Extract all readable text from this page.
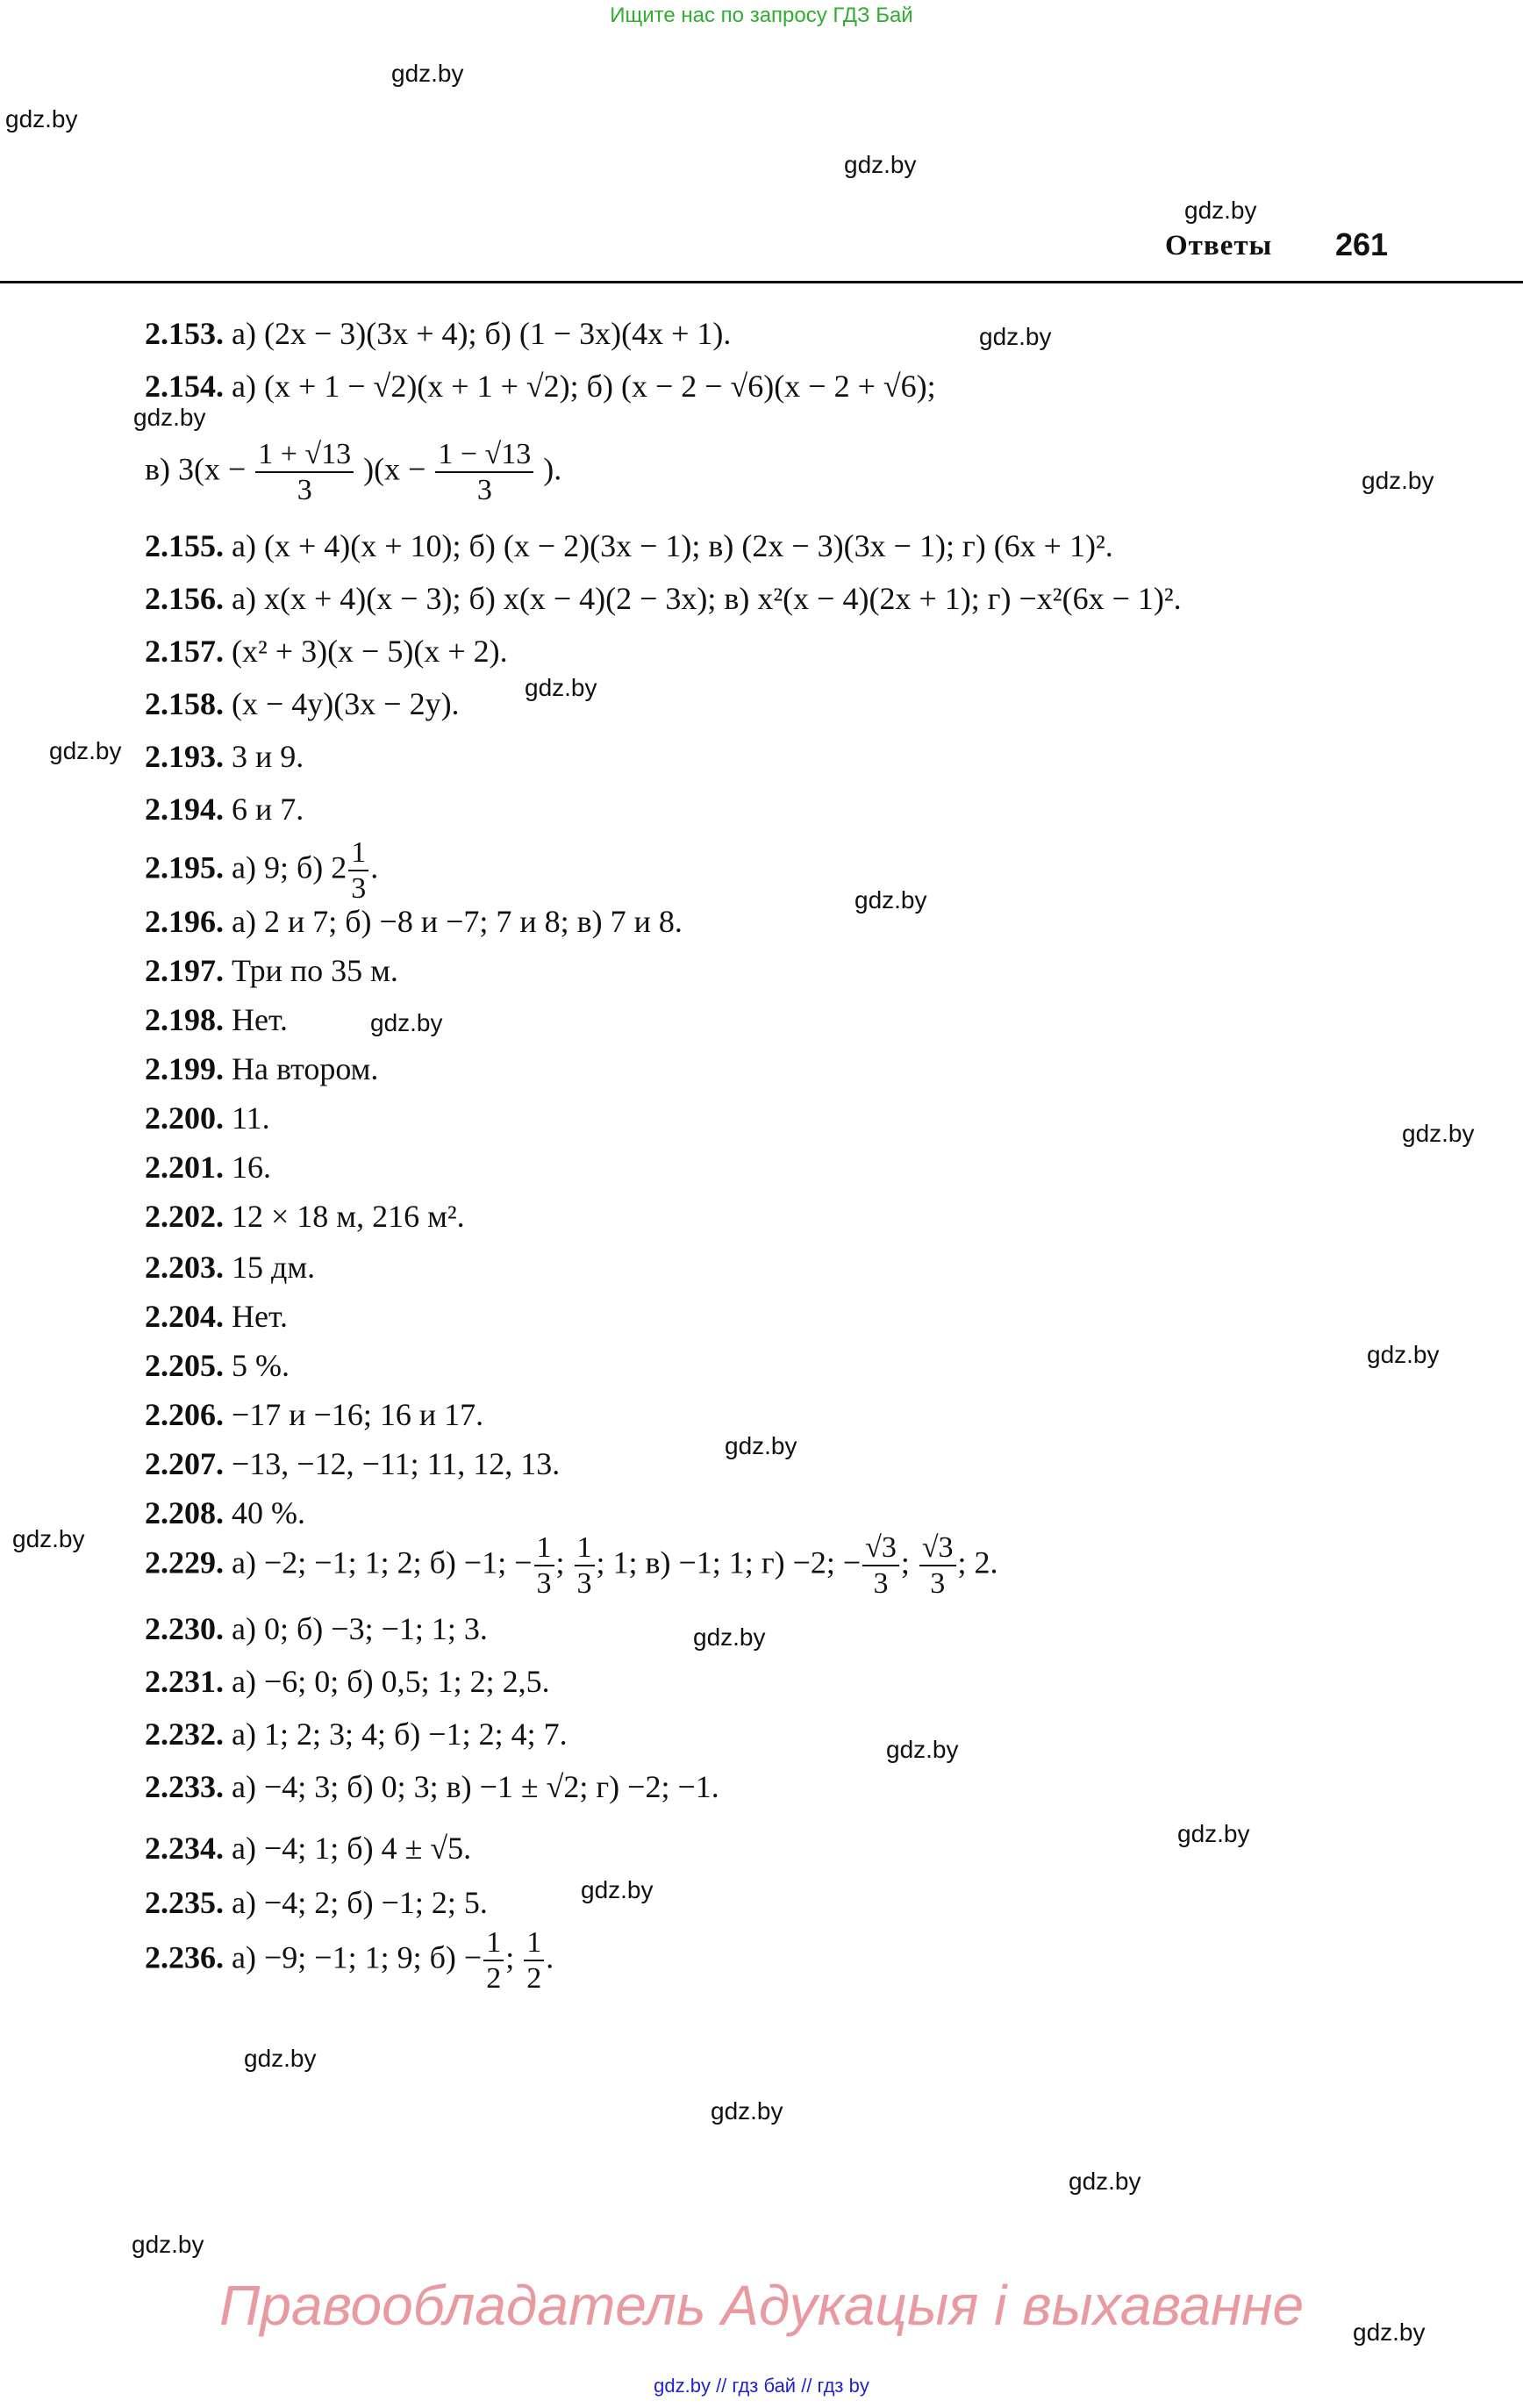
Ищите нас по запросу ГДЗ Бай
gdz.by
gdz.by
gdz.by
gdz.by
gdz.by
gdz.by
gdz.by
gdz.by
gdz.by
gdz.by
gdz.by
gdz.by
gdz.by
gdz.by
gdz.by
gdz.by
gdz.by
gdz.by
gdz.by
gdz.by
gdz.by
gdz.by
gdz.by
gdz.by
Ответы 261
2.153. а) (2x − 3)(3x + 4); б) (1 − 3x)(4x + 1).
2.154. а) (x + 1 − √2)(x + 1 + √2); б) (x − 2 − √6)(x − 2 + √6);
в) $3(x - \frac{1 + √13}{3} )(x - \frac{1 - √13}{3}$ ).
2.155. а) (x + 4)(x + 10); б) (x − 2)(3x − 1); в) (2x − 3)(3x − 1); г) (6x + 1)².
2.156. а) x(x + 4)(x − 3); б) x(x − 4)(2 − 3x); в) x²(x − 4)(2x + 1); г) −x²(6x − 1)².
2.157. (x² + 3)(x − 5)(x + 2).
2.158. (x − 4y)(3x − 2y).
2.193. 3 и 9.
2.194. 6 и 7.
2.195. а) 9; б) $2 \frac{1}{3}$ .
2.196. а) 2 и 7; б) −8 и −7; 7 и 8; в) 7 и 8.
2.197. Три по 35 м.
2.198. Нет.
2.199. На втором.
2.200. 11.
2.201. 16.
2.202. 12 × 18 м, 216 м².
2.203. 15 дм.
2.204. Нет.
2.205. 5 %.
2.206. −17 и −16; 16 и 17.
2.207. −13, −12, −11; 11, 12, 13.
2.208. 40 %.
2.229. а) −2; −1; 1; 2; б) −1; − $\frac{1}{3}$ ; $\frac{1}{3}$ ; 1; в) −1; 1; г) −2; − $\frac{√3}{3}$ ; $\frac{√3}{3}$ ; 2.
2.230. а) 0; б) −3; −1; 1; 3.
2.231. а) −6; 0; б) 0,5; 1; 2; 2,5.
2.232. а) 1; 2; 3; 4; б) −1; 2; 4; 7.
2.233. а) −4; 3; б) 0; 3; в) −1 ± √2; г) −2; −1.
2.234. а) −4; 1; б) 4 ± √5.
2.235. а) −4; 2; б) −1; 2; 5.
2.236. а) −9; −1; 1; 9; $б) - \frac{1}{2}$ ; $\frac{1}{2}$ .
Правообладатель Адукацыя і выхаванне
gdz.by // гдз бай // гдз by
